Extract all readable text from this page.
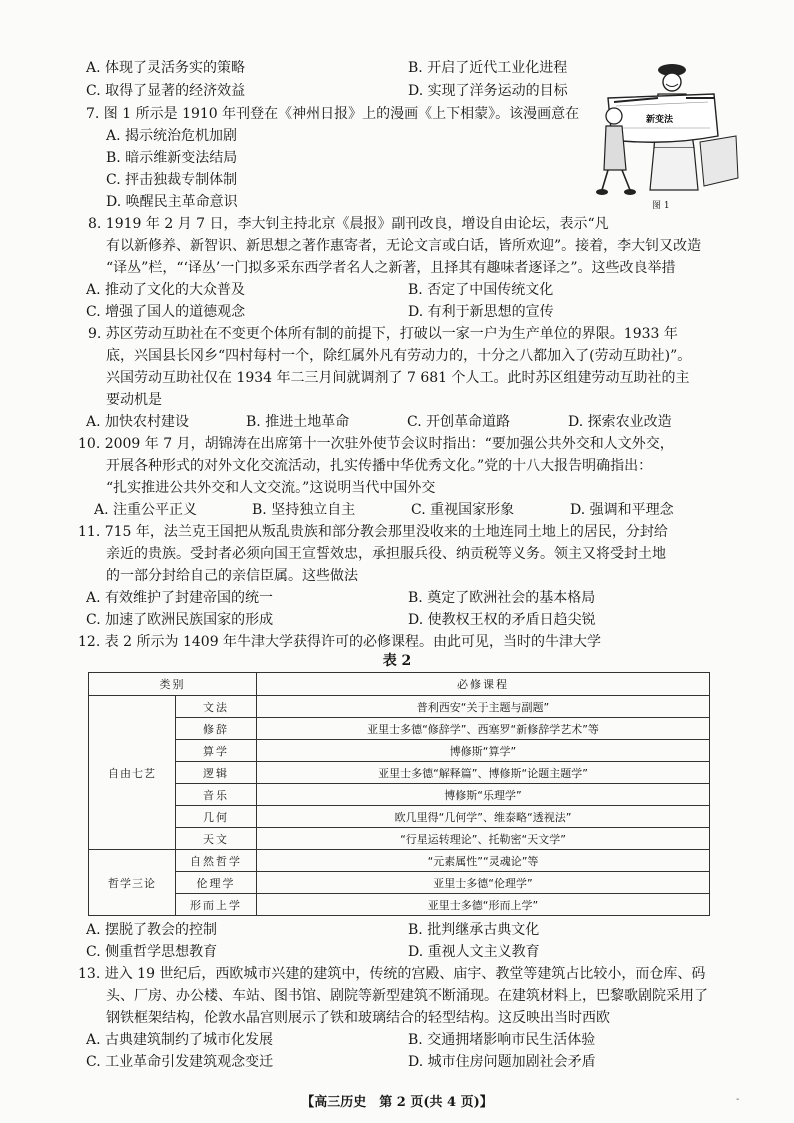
A. 体现了灵活务实的策略	B. 开启了近代工业化进程
C. 取得了显著的经济效益	D. 实现了洋务运动的目标
7. 图 1 所示是 1910 年刊登在《神州日报》上的漫画《上下相蒙》。该漫画意在
A. 揭示统治危机加剧
B. 暗示维新变法结局
C. 抨击独裁专制体制
D. 唤醒民主革命意识
新变法
图 1
8. 1919 年 2 月 7 日，李大钊主持北京《晨报》副刊改良，增设自由论坛，表示“凡
有以新修养、新智识、新思想之著作惠寄者，无论文言或白话，皆所欢迎”。接着，李大钊又改造
“译丛”栏，“‘译丛’一门拟多采东西学者名人之新著，且择其有趣味者逐译之”。这些改良举措
A. 推动了文化的大众普及	B. 否定了中国传统文化
C. 增强了国人的道德观念	D. 有利于新思想的宣传
9. 苏区劳动互助社在不变更个体所有制的前提下，打破以一家一户为生产单位的界限。1933 年
底，兴国县长冈乡“四村每村一个，除红属外凡有劳动力的，十分之八都加入了(劳动互助社)”。
兴国劳动互助社仅在 1934 年二三月间就调剂了 7 681 个人工。此时苏区组建劳动互助社的主
要动机是
A. 加快农村建设	B. 推进土地革命	C. 开创革命道路	D. 探索农业改造
10. 2009 年 7 月，胡锦涛在出席第十一次驻外使节会议时指出：“要加强公共外交和人文外交，
开展各种形式的对外文化交流活动，扎实传播中华优秀文化。”党的十八大报告明确指出：
“扎实推进公共外交和人文交流。”这说明当代中国外交
A. 注重公平正义	B. 坚持独立自主	C. 重视国家形象	D. 强调和平理念
11. 715 年，法兰克王国把从叛乱贵族和部分教会那里没收来的土地连同土地上的居民，分封给
亲近的贵族。受封者必须向国王宣誓效忠，承担服兵役、纳贡税等义务。领主又将受封土地
的一部分封给自己的亲信臣属。这些做法
A. 有效维护了封建帝国的统一	B. 奠定了欧洲社会的基本格局
C. 加速了欧洲民族国家的形成	D. 使教权王权的矛盾日趋尖锐
12. 表 2 所示为 1409 年牛津大学获得许可的必修课程。由此可见，当时的牛津大学
表 2
类别		必修课程
自由七艺	文法	普利西安“关于主题与副题”
	修辞	亚里士多德“修辞学”、西塞罗“新修辞学艺术”等
	算学	博修斯“算学”
	逻辑	亚里士多德“解释篇”、博修斯“论题主题学”
	音乐	博修斯“乐理学”
	几何	欧几里得“几何学”、维泰略“透视法”
	天文	“行星运转理论”、托勒密“天文学”
哲学三论	自然哲学	“元素属性”“灵魂论”等
	伦理学	亚里士多德“伦理学”
	形而上学	亚里士多德“形而上学”
A. 摆脱了教会的控制	B. 批判继承古典文化
C. 侧重哲学思想教育	D. 重视人文主义教育
13. 进入 19 世纪后，西欧城市兴建的建筑中，传统的宫殿、庙宇、教堂等建筑占比较小，而仓库、码
头、厂房、办公楼、车站、图书馆、剧院等新型建筑不断涌现。在建筑材料上，巴黎歌剧院采用了
钢铁框架结构，伦敦水晶宫则展示了铁和玻璃结合的轻型结构。这反映出当时西欧
A. 古典建筑制约了城市化发展	B. 交通拥堵影响市民生活体验
C. 工业革命引发建筑观念变迁	D. 城市住房问题加剧社会矛盾
【高三历史　第 2 页(共 4 页)】	-
